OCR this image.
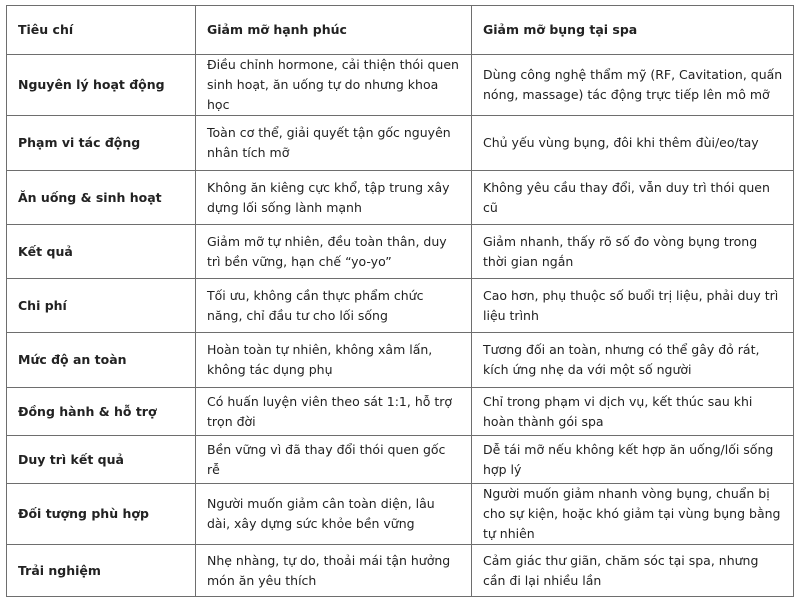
Tiêu chí	Giảm mỡ hạnh phúc	Giảm mỡ bụng tại spa
Nguyên lý hoạt động	Điều chỉnh hormone, cải thiện thói quen sinh hoạt, ăn uống tự do nhưng khoa học	Dùng công nghệ thẩm mỹ (RF, Cavitation, quấn nóng, massage) tác động trực tiếp lên mô mỡ
Phạm vi tác động	Toàn cơ thể, giải quyết tận gốc nguyên nhân tích mỡ	Chủ yếu vùng bụng, đôi khi thêm đùi/eo/tay
Ăn uống & sinh hoạt	Không ăn kiêng cực khổ, tập trung xây dựng lối sống lành mạnh	Không yêu cầu thay đổi, vẫn duy trì thói quen cũ
Kết quả	Giảm mỡ tự nhiên, đều toàn thân, duy trì bền vững, hạn chế “yo-yo”	Giảm nhanh, thấy rõ số đo vòng bụng trong thời gian ngắn
Chi phí	Tối ưu, không cần thực phẩm chức năng, chỉ đầu tư cho lối sống	Cao hơn, phụ thuộc số buổi trị liệu, phải duy trì liệu trình
Mức độ an toàn	Hoàn toàn tự nhiên, không xâm lấn, không tác dụng phụ	Tương đối an toàn, nhưng có thể gây đỏ rát, kích ứng nhẹ da với một số người
Đồng hành & hỗ trợ	Có huấn luyện viên theo sát 1:1, hỗ trợ trọn đời	Chỉ trong phạm vi dịch vụ, kết thúc sau khi hoàn thành gói spa
Duy trì kết quả	Bền vững vì đã thay đổi thói quen gốc rễ	Dễ tái mỡ nếu không kết hợp ăn uống/lối sống hợp lý
Đối tượng phù hợp	Người muốn giảm cân toàn diện, lâu dài, xây dựng sức khỏe bền vững	Người muốn giảm nhanh vòng bụng, chuẩn bị cho sự kiện, hoặc khó giảm tại vùng bụng bằng tự nhiên
Trải nghiệm	Nhẹ nhàng, tự do, thoải mái tận hưởng món ăn yêu thích	Cảm giác thư giãn, chăm sóc tại spa, nhưng cần đi lại nhiều lần
